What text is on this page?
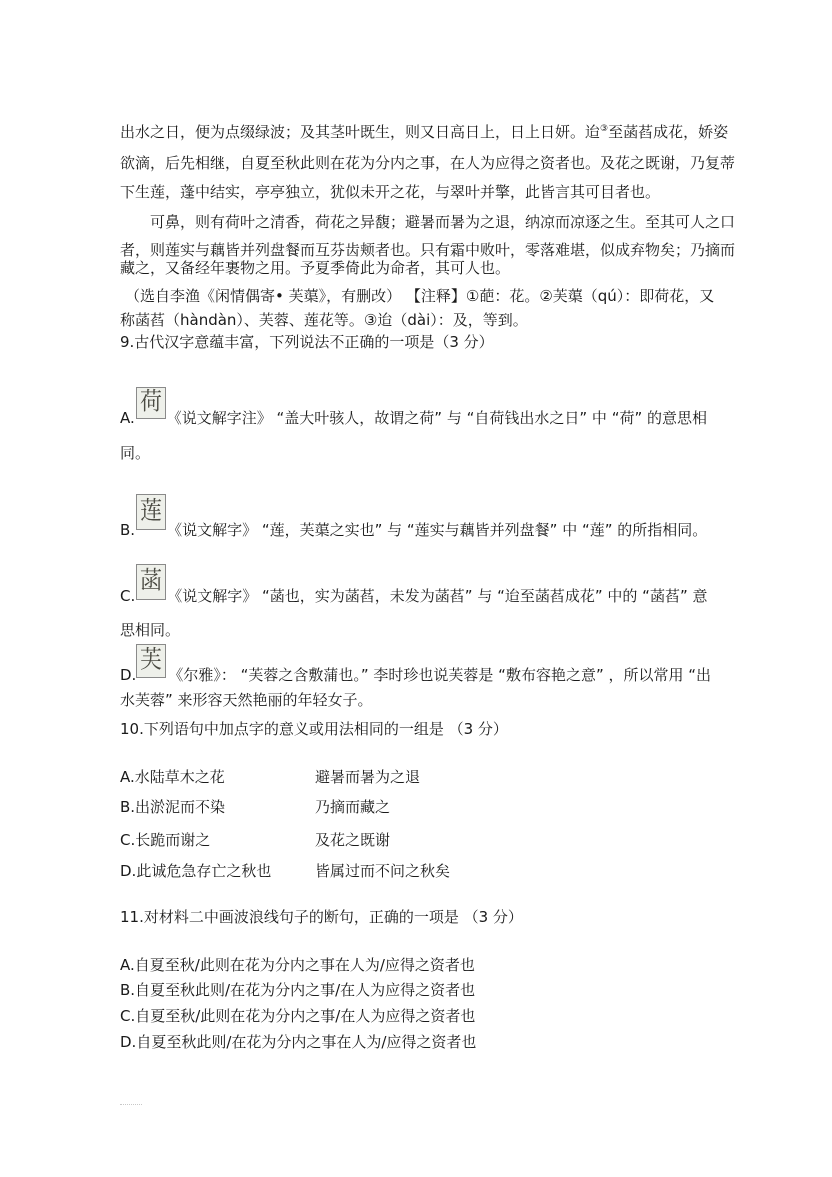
出水之日，便为点缀绿波；及其茎叶既生，则又日高日上，日上日妍。迨③至菡萏成花，娇姿
欲滴，后先相继，自夏至秋此则在花为分内之事，在人为应得之资者也。及花之既谢，乃复蒂
下生莲，蓬中结实，亭亭独立，犹似未开之花，与翠叶并擎，此皆言其可目者也。
可鼻，则有荷叶之清香，荷花之异馥；避暑而暑为之退，纳凉而凉逐之生。至其可人之口
者，则莲实与藕皆并列盘餐而互芬齿颊者也。只有霜中败叶，零落难堪，似成弃物矣；乃摘而
藏之，又备经年裹物之用。予夏季倚此为命者，其可人也。
（选自李渔《闲情偶寄• 芙蕖》，有删改） 【注释】①葩：花。②芙蕖（qú）：即荷花，又
称菡萏（hàndàn）、芙蓉、莲花等。③迨（dài）：及，等到。
9.古代汉字意蕴丰富，下列说法不正确的一项是（3 分）
A. 《说文解字注》 “盖大叶骇人，故谓之荷” 与 “自荷钱出水之日” 中 “荷” 的意思相
荷
同。
B. 《说文解字》 “莲，芙蕖之实也” 与 “莲实与藕皆并列盘餐” 中 “莲” 的所指相同。
莲
C. 《说文解字》 “菡也，实为菡萏，未发为菡萏” 与 “迨至菡萏成花” 中的 “菡萏” 意
菡
思相同。
D. 《尔雅》： “芙蓉之含敷蒲也。” 李时珍也说芙蓉是 “敷布容艳之意” ，所以常用 “出
芙
水芙蓉” 来形容天然艳丽的年轻女子。
10.下列语句中加点字的意义或用法相同的一组是 （3 分）
A.水陆草木之花	避暑而暑为之退
B.出淤泥而不染	乃摘而藏之
C.长跪而谢之	及花之既谢
D.此诚危急存亡之秋也	皆属过而不问之秋矣
11.对材料二中画波浪线句子的断句，正确的一项是 （3 分）
A.自夏至秋/此则在花为分内之事在人为/应得之资者也
B.自夏至秋此则/在花为分内之事/在人为应得之资者也
C.自夏至秋/此则在花为分内之事/在人为应得之资者也
D.自夏至秋此则/在花为分内之事在人为/应得之资者也
